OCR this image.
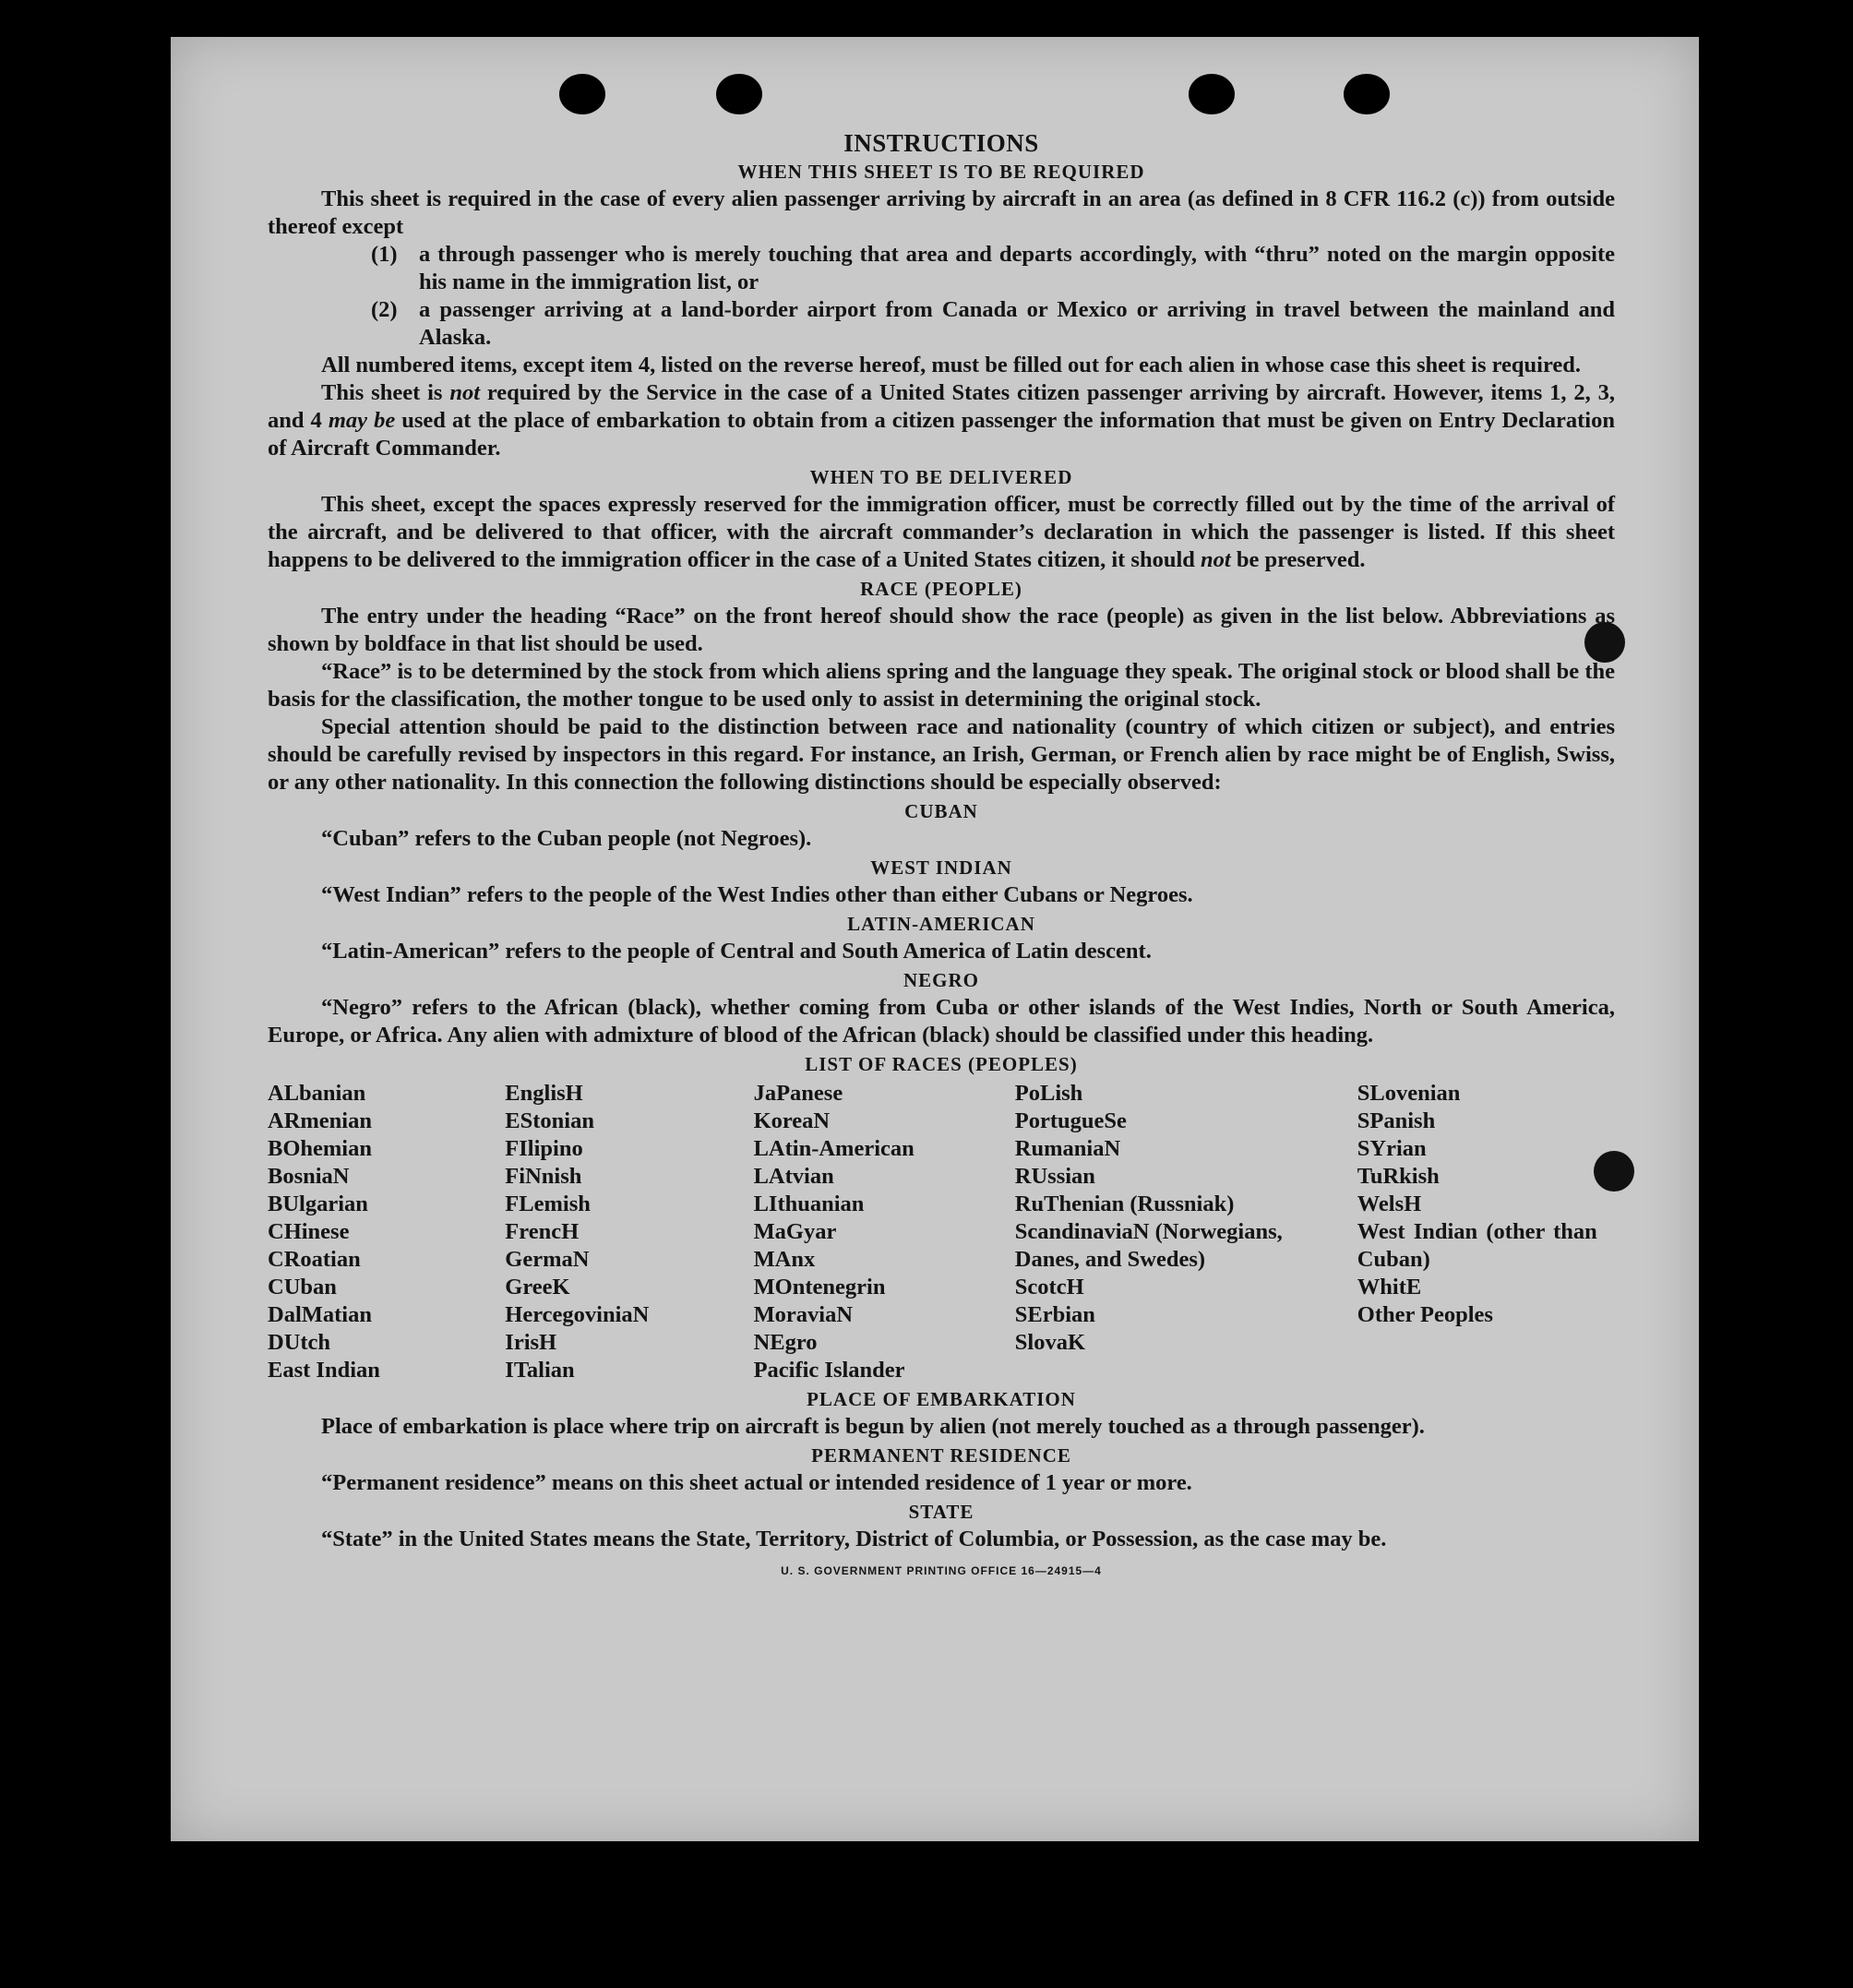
INSTRUCTIONS
WHEN THIS SHEET IS TO BE REQUIRED

This sheet is required in the case of every alien passenger arriving by aircraft in an area (as defined in 8 CFR 116.2 (c)) from outside thereof except

(1) a through passenger who is merely touching that area and departs accordingly, with “thru” noted on the margin opposite his name in the immigration list, or
(2) a passenger arriving at a land-border airport from Canada or Mexico or arriving in travel between the mainland and Alaska.

All numbered items, except item 4, listed on the reverse hereof, must be filled out for each alien in whose case this sheet is required.

This sheet is not required by the Service in the case of a United States citizen passenger arriving by aircraft. However, items 1, 2, 3, and 4 may be used at the place of embarkation to obtain from a citizen passenger the information that must be given on Entry Declaration of Aircraft Commander.

WHEN TO BE DELIVERED

This sheet, except the spaces expressly reserved for the immigration officer, must be correctly filled out by the time of the arrival of the aircraft, and be delivered to that officer, with the aircraft commander’s declaration in which the passenger is listed. If this sheet happens to be delivered to the immigration officer in the case of a United States citizen, it should not be preserved.

RACE (PEOPLE)

The entry under the heading “Race” on the front hereof should show the race (people) as given in the list below. Abbreviations as shown by boldface in that list should be used.

“Race” is to be determined by the stock from which aliens spring and the language they speak. The original stock or blood shall be the basis for the classification, the mother tongue to be used only to assist in determining the original stock.

Special attention should be paid to the distinction between race and nationality (country of which citizen or subject), and entries should be carefully revised by inspectors in this regard. For instance, an Irish, German, or French alien by race might be of English, Swiss, or any other nationality. In this connection the following distinctions should be especially observed:

CUBAN

“Cuban” refers to the Cuban people (not Negroes).

WEST INDIAN

“West Indian” refers to the people of the West Indies other than either Cubans or Negroes.

LATIN-AMERICAN

“Latin-American” refers to the people of Central and South America of Latin descent.

NEGRO

“Negro” refers to the African (black), whether coming from Cuba or other islands of the West Indies, North or South America, Europe, or Africa. Any alien with admixture of blood of the African (black) should be classified under this heading.

LIST OF RACES (PEOPLES)
ALbanian
ARmenian
BOhemian
BosniaN
BUlgarian
CHinese
CRoatian
CUban
DalMatian
DUtch
East Indian
EnglisH
EStonian
FIlipino
FiNnish
FLemish
FrencH
GermaN
GreeK
HercegoviniaN
IrisH
ITalian
JaPanese
KoreaN
LAtin-American
LAtvian
LIthuanian
MaGyar
MAnx
MOntenegrin
MoraviaN
NEgro
Pacific Islander
PoLish
PortugueSe
RumaniaN
RUssian
RuThenian (Russniak)
ScandinaviaN (Norwegians, Danes, and Swedes)
ScotcH
SErbian
SlovaK
SLovenian
SPanish
SYrian
TuRkish
WelsH
West Indian (other than Cuban)
WhitE
Other Peoples
PLACE OF EMBARKATION

Place of embarkation is place where trip on aircraft is begun by alien (not merely touched as a through passenger).

PERMANENT RESIDENCE

“Permanent residence” means on this sheet actual or intended residence of 1 year or more.

STATE

“State” in the United States means the State, Territory, District of Columbia, or Possession, as the case may be.

U. S. GOVERNMENT PRINTING OFFICE 16—24915—4
